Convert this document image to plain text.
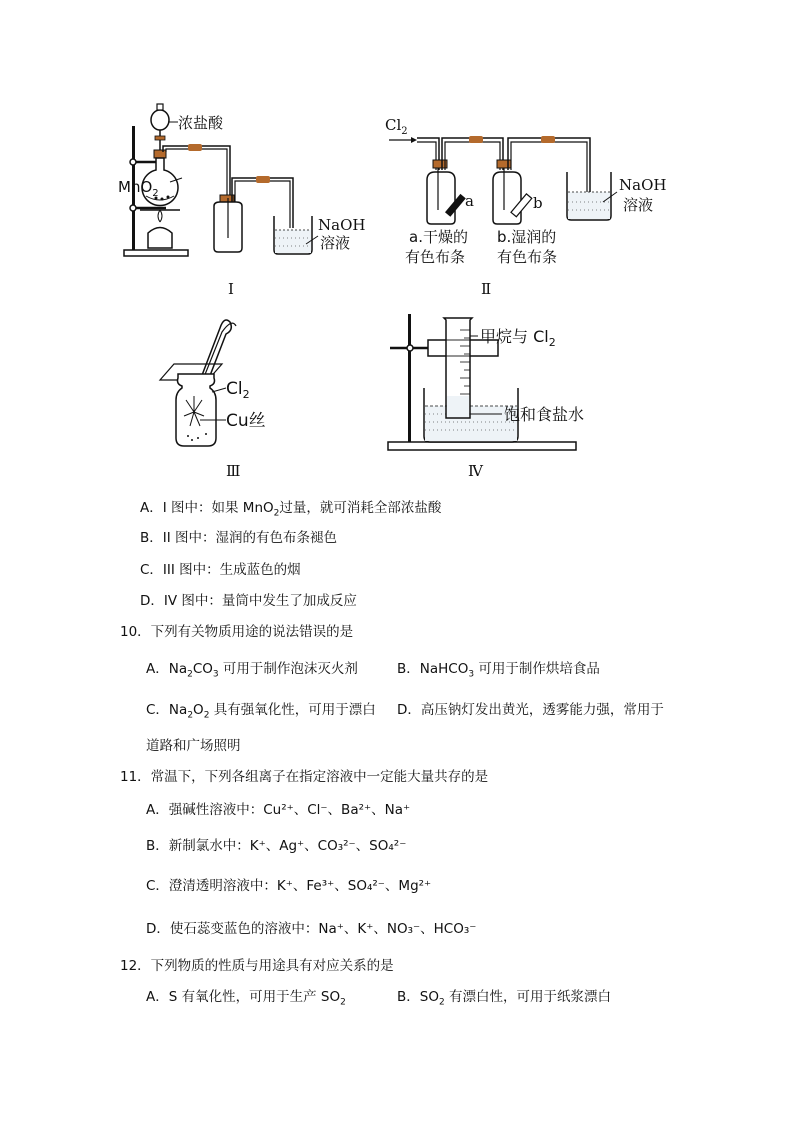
浓盐酸
MnO$_2$
NaOH
溶液
Ⅰ
$Cl_2$
NaOH
溶液
a	b
a.干燥的
有色布条
b.湿润的
有色布条
Ⅱ
$Cl_2$
Cu丝
Ⅲ
甲烷与 $Cl_2$
饱和食盐水
Ⅳ
A．I 图中：如果 MnO$_2$过量，就可消耗全部浓盐酸
B．II 图中：湿润的有色布条褪色
C．III 图中：生成蓝色的烟
D．IV 图中：量筒中发生了加成反应
10．下列有关物质用途的说法错误的是
A．$Na_2CO_3$ 可用于制作泡沫灭火剂	B．NaHCO$_3$ 可用于制作烘培食品
C．$Na_2O_2$ 具有强氧化性，可用于漂白 D．高压钠灯发出黄光，透雾能力强，常用于
道路和广场照明
11．常温下，下列各组离子在指定溶液中一定能大量共存的是
A．强碱性溶液中：Cu²⁺、Cl⁻、Ba²⁺、Na⁺
B．新制氯水中：K⁺、Ag⁺、CO₃²⁻、SO₄²⁻
C．澄清透明溶液中：K⁺、Fe³⁺、SO₄²⁻、Mg²⁺
D．使石蕊变蓝色的溶液中：Na⁺、K⁺、NO₃⁻、HCO₃⁻
12．下列物质的性质与用途具有对应关系的是
A．S 有氧化性，可用于生产 $SO_2$	B．$SO_2$ 有漂白性，可用于纸浆漂白
